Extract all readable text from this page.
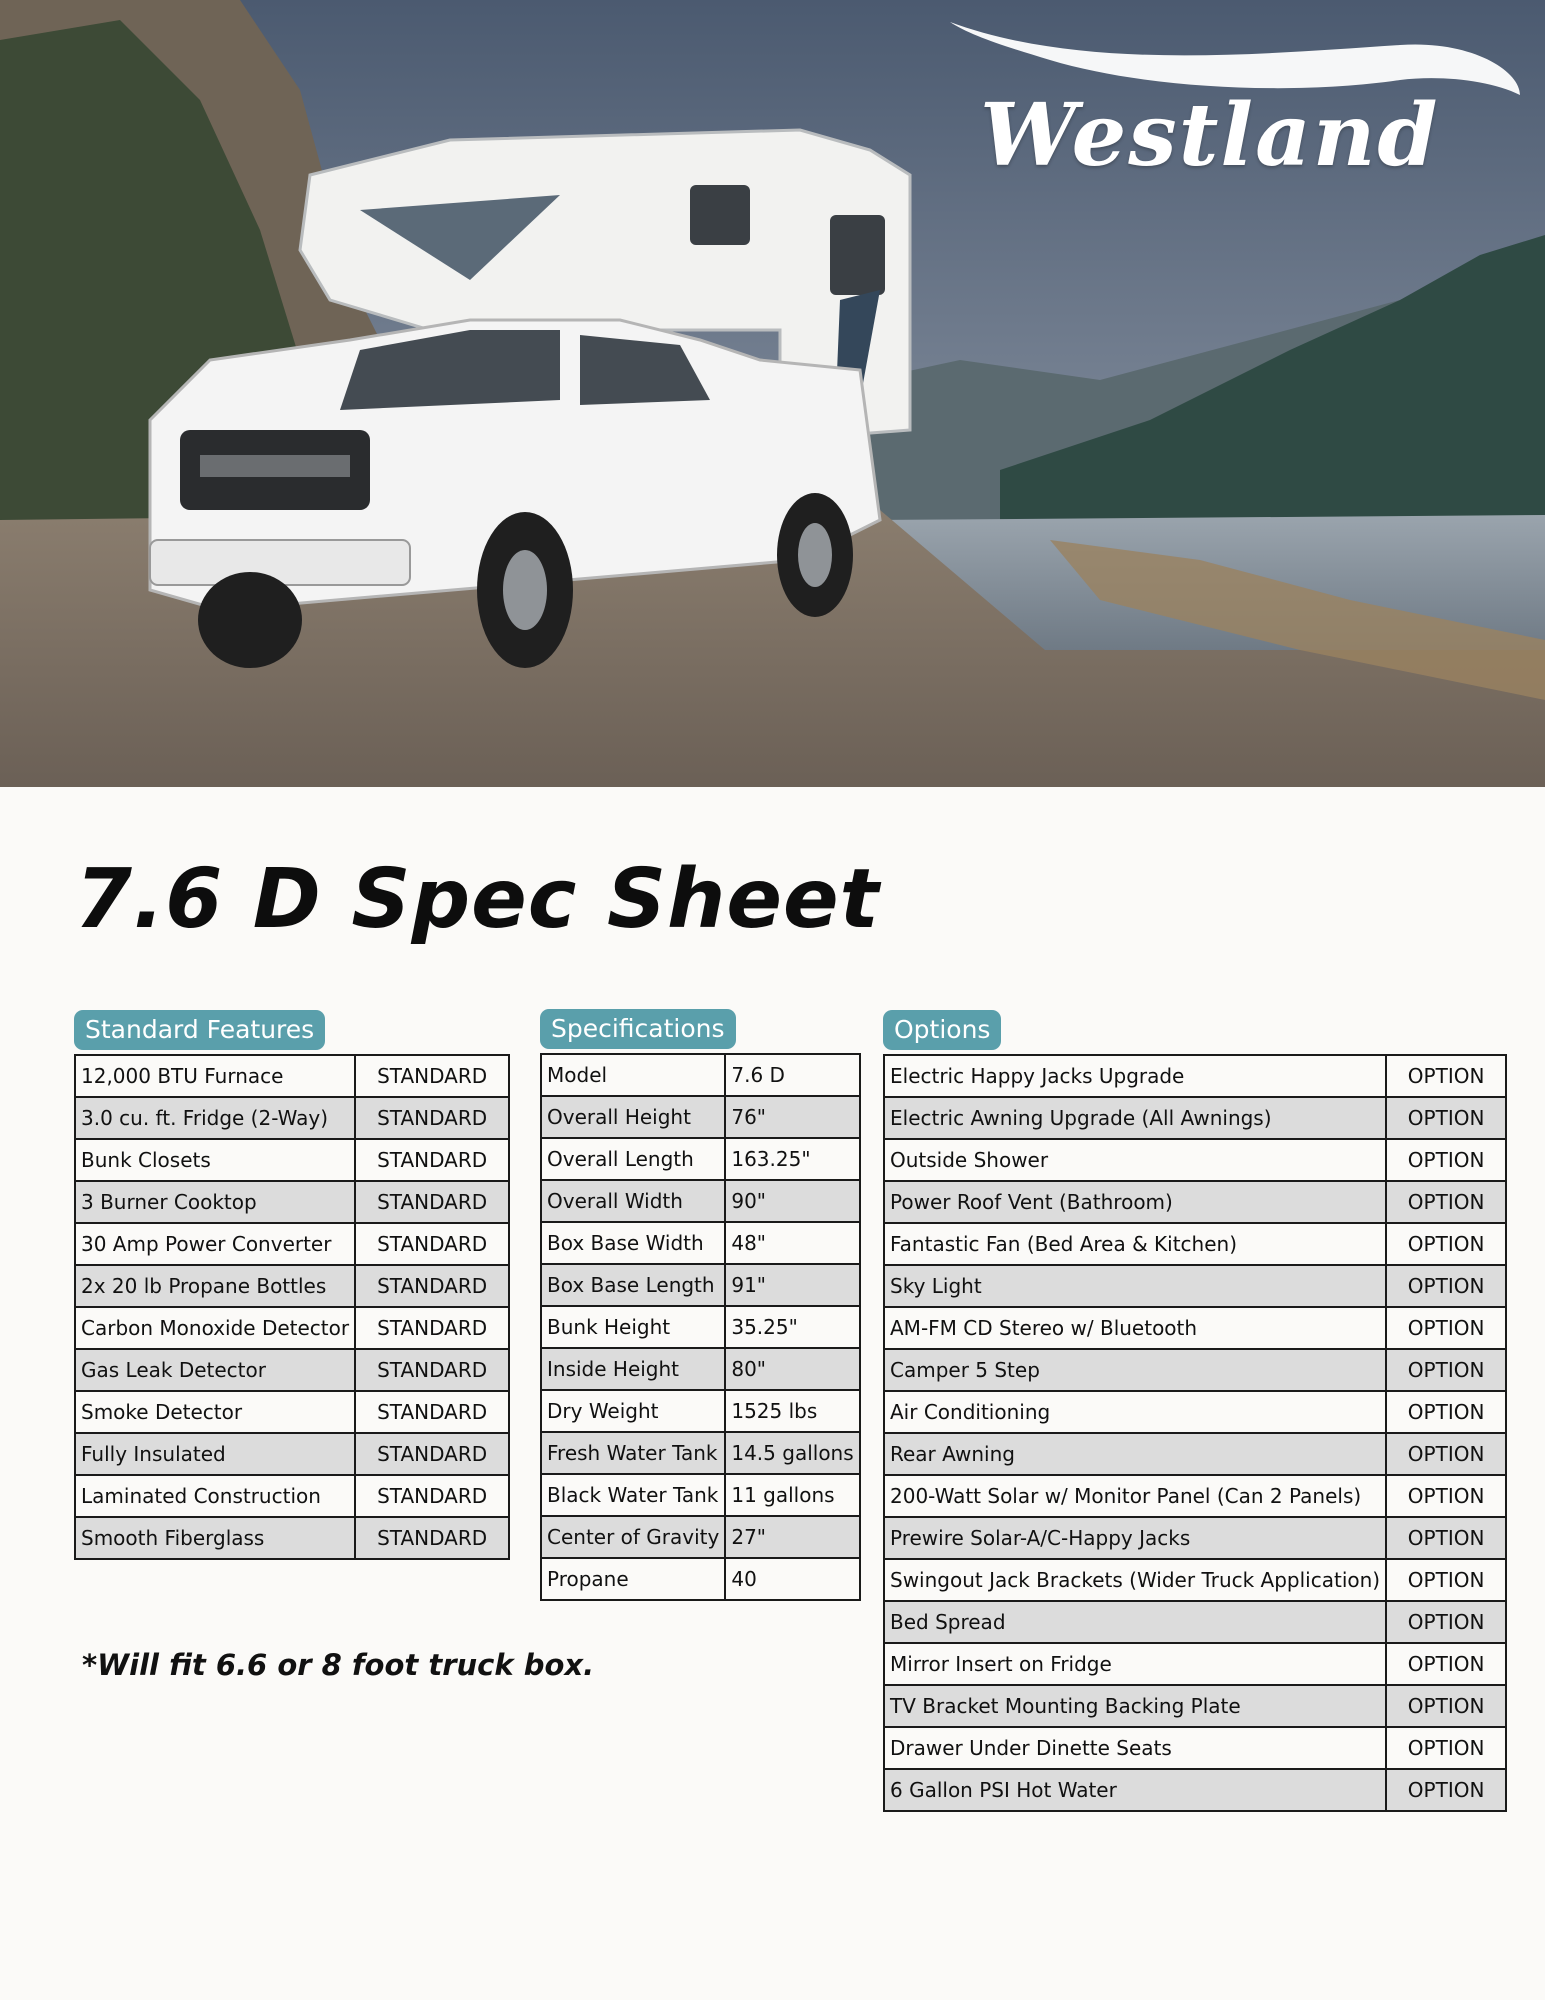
Westland
7.6 D Spec Sheet
Standard Features
12,000 BTU Furnace	STANDARD
3.0 cu. ft. Fridge (2-Way)	STANDARD
Bunk Closets	STANDARD
3 Burner Cooktop	STANDARD
30 Amp Power Converter	STANDARD
2x 20 lb Propane Bottles	STANDARD
Carbon Monoxide Detector	STANDARD
Gas Leak Detector	STANDARD
Smoke Detector	STANDARD
Fully Insulated	STANDARD
Laminated Construction	STANDARD
Smooth Fiberglass	STANDARD
Specifications
Model	7.6 D
Overall Height	76"
Overall Length	163.25"
Overall Width	90"
Box Base Width	48"
Box Base Length	91"
Bunk Height	35.25"
Inside Height	80"
Dry Weight	1525 lbs
Fresh Water Tank	14.5 gallons
Black Water Tank	11 gallons
Center of Gravity	27"
Propane	40
Options
Electric Happy Jacks Upgrade	OPTION
Electric Awning Upgrade (All Awnings)	OPTION
Outside Shower	OPTION
Power Roof Vent (Bathroom)	OPTION
Fantastic Fan (Bed Area & Kitchen)	OPTION
Sky Light	OPTION
AM-FM CD Stereo w/ Bluetooth	OPTION
Camper 5 Step	OPTION
Air Conditioning	OPTION
Rear Awning	OPTION
200-Watt Solar w/ Monitor Panel (Can 2 Panels)	OPTION
Prewire Solar-A/C-Happy Jacks	OPTION
Swingout Jack Brackets (Wider Truck Application)	OPTION
Bed Spread	OPTION
Mirror Insert on Fridge	OPTION
TV Bracket Mounting Backing Plate	OPTION
Drawer Under Dinette Seats	OPTION
6 Gallon PSI Hot Water	OPTION
*Will fit 6.6 or 8 foot truck box.
